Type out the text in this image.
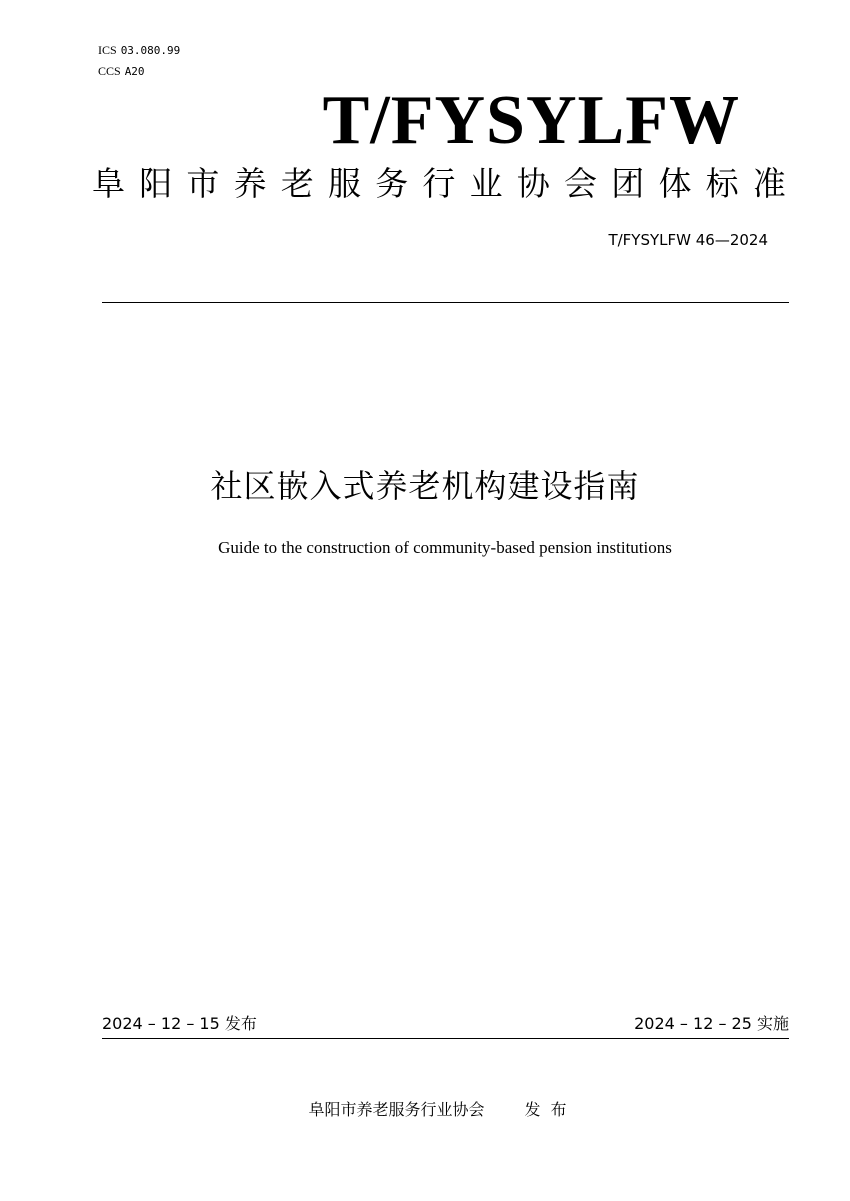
ICS 03.080.99
CCS A20
T/FYSYLFW
阜 阳 市 养 老 服 务 行 业 协 会 团 体 标 准
T/FYSYLFW 46—2024
社区嵌入式养老机构建设指南
Guide to the construction of community-based pension institutions
2024 – 12 – 15 发布	2024 – 12 – 25 实施
阜阳市养老服务行业协会	发布
